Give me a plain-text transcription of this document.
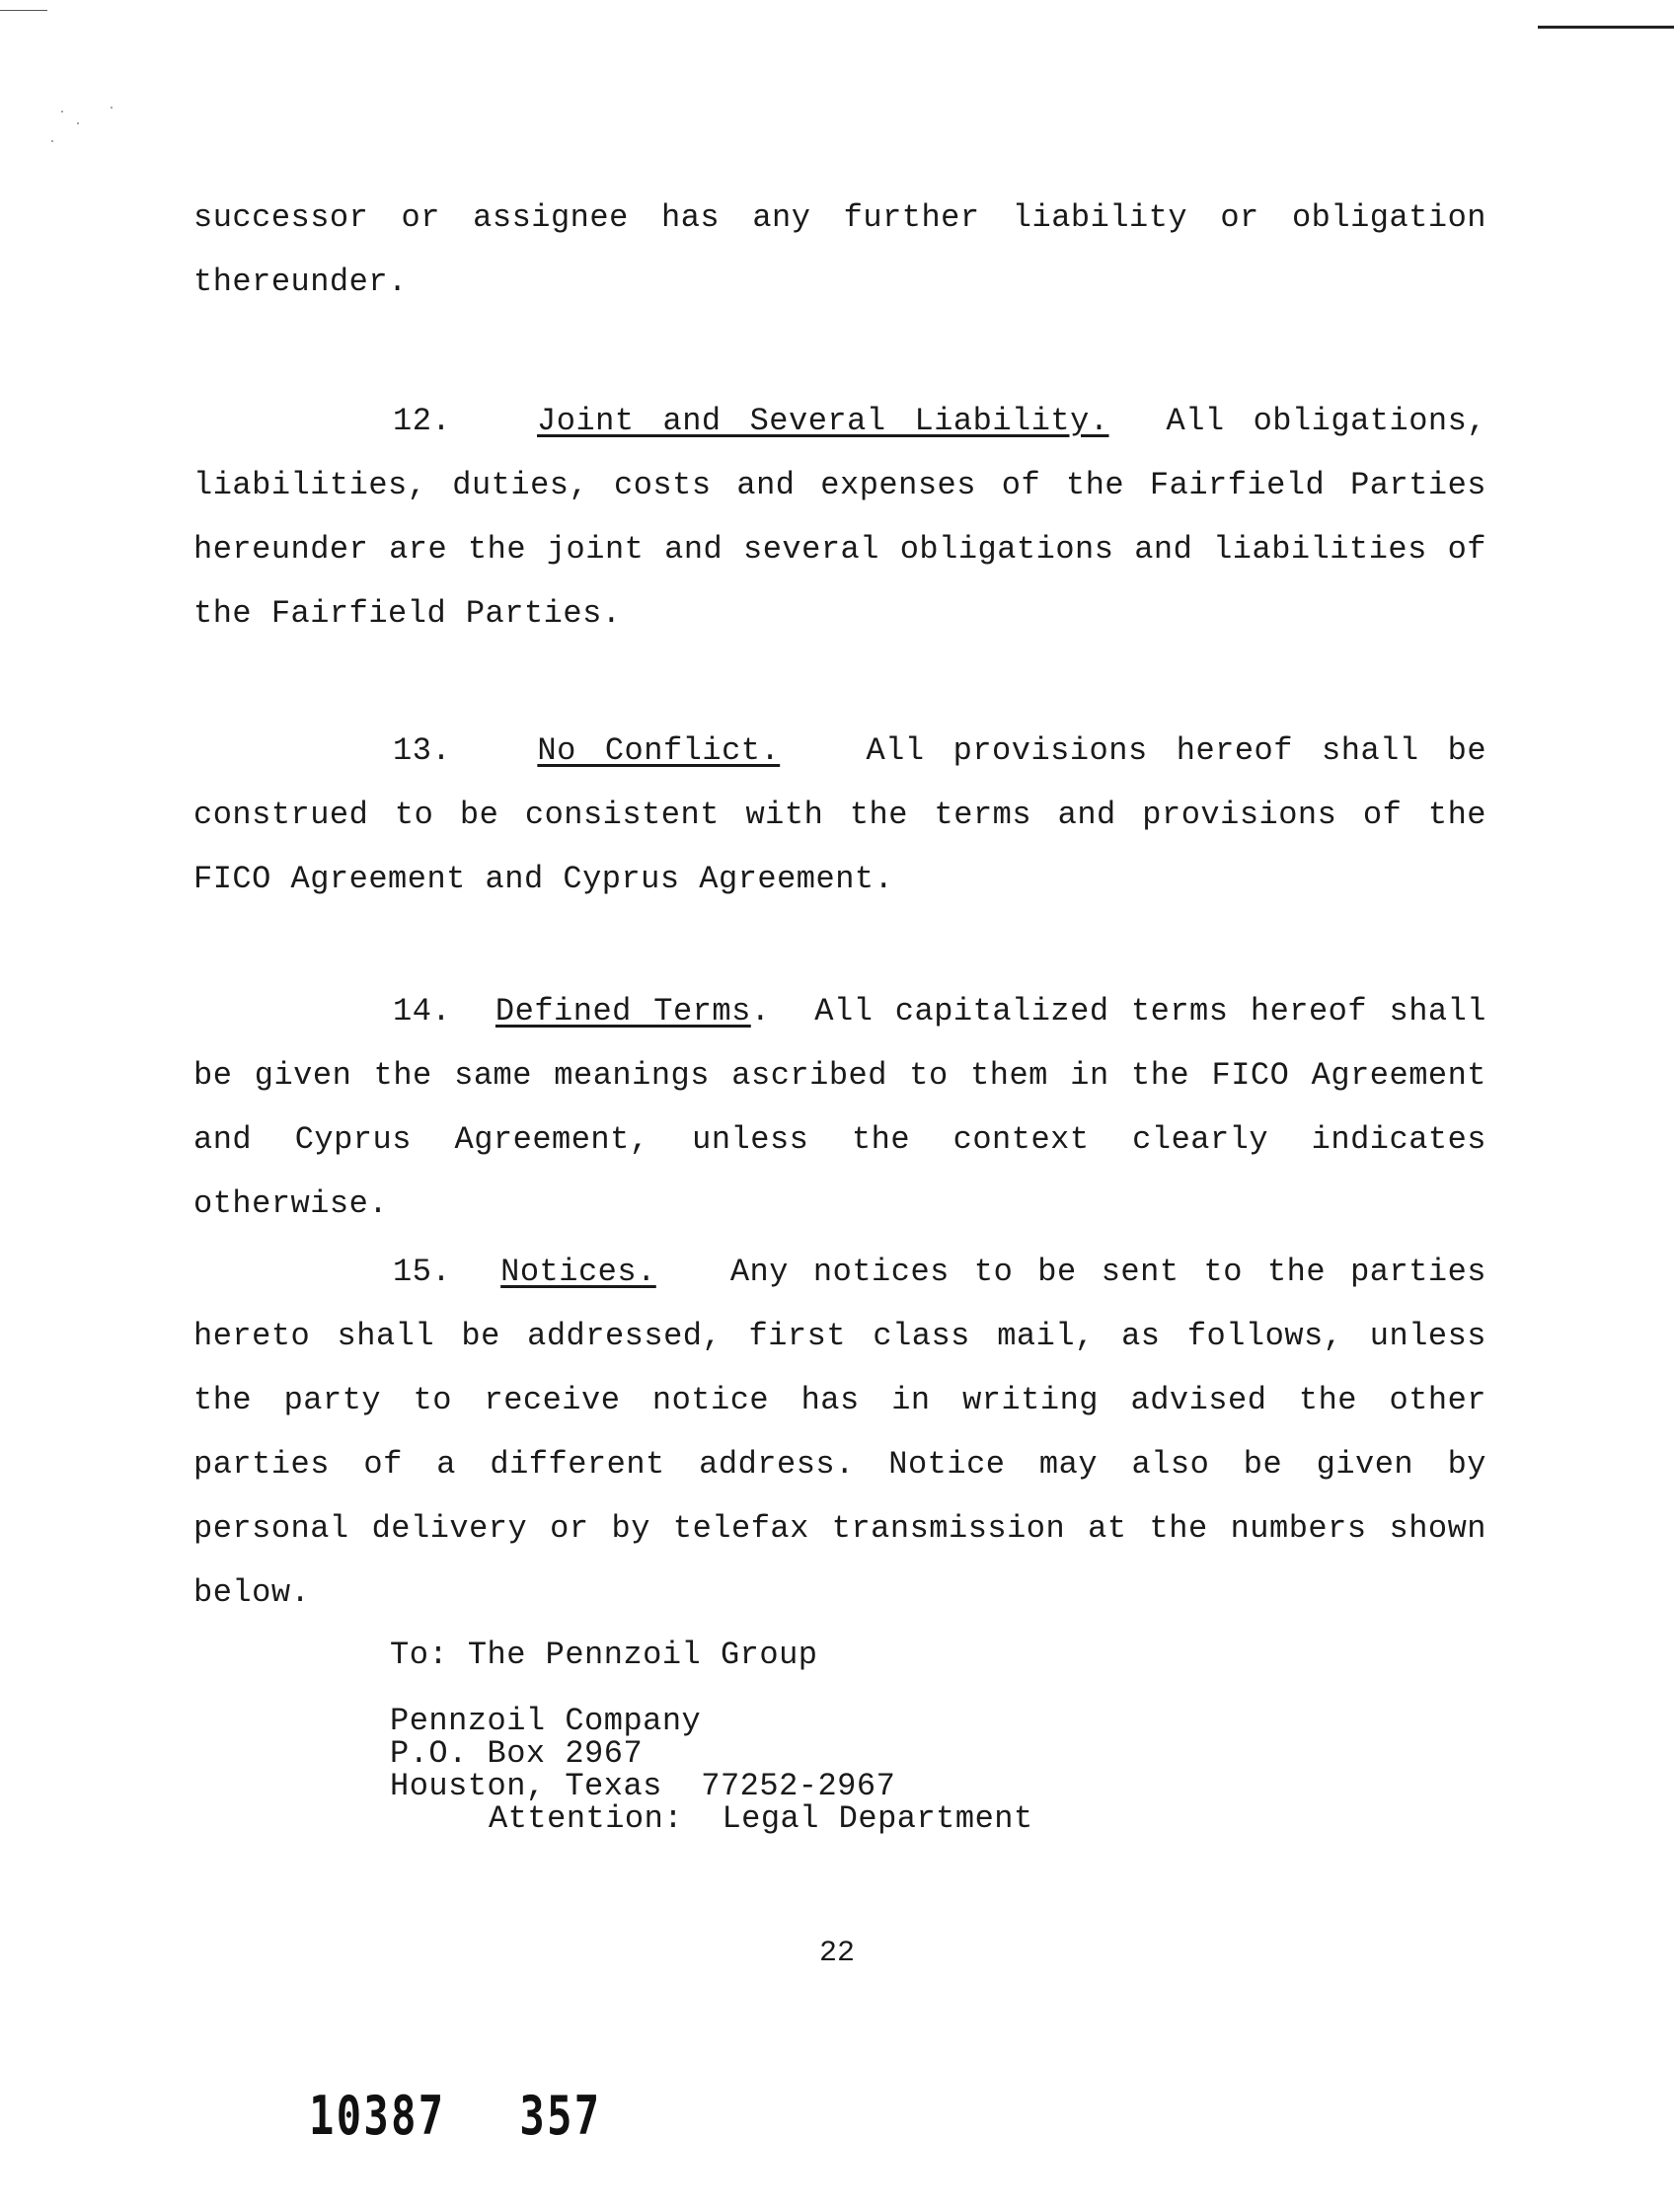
successor or assignee has any further liability or obligation thereunder.

12.	Joint and Several Liability. All obligations, liabilities, duties, costs and expenses of the Fairfield Parties hereunder are the joint and several obligations and liabilities of the Fairfield Parties.

13.	No Conflict.	All provisions hereof shall be construed to be consistent with the terms and provisions of the FICO Agreement and Cyprus Agreement.

14. Defined Terms. All capitalized terms hereof shall be given the same meanings ascribed to them in the FICO Agreement and Cyprus Agreement, unless the context clearly indicates otherwise.

15. Notices. Any notices to be sent to the parties hereto shall be addressed, first class mail, as follows, unless the party to receive notice has in writing advised the other parties of a different address. Notice may also be given by personal delivery or by telefax transmission at the numbers shown below.

To: The Pennzoil Group
Pennzoil Company
P.O. Box 2967
Houston, Texas 77252-2967
Attention: Legal Department
22
10387 357
